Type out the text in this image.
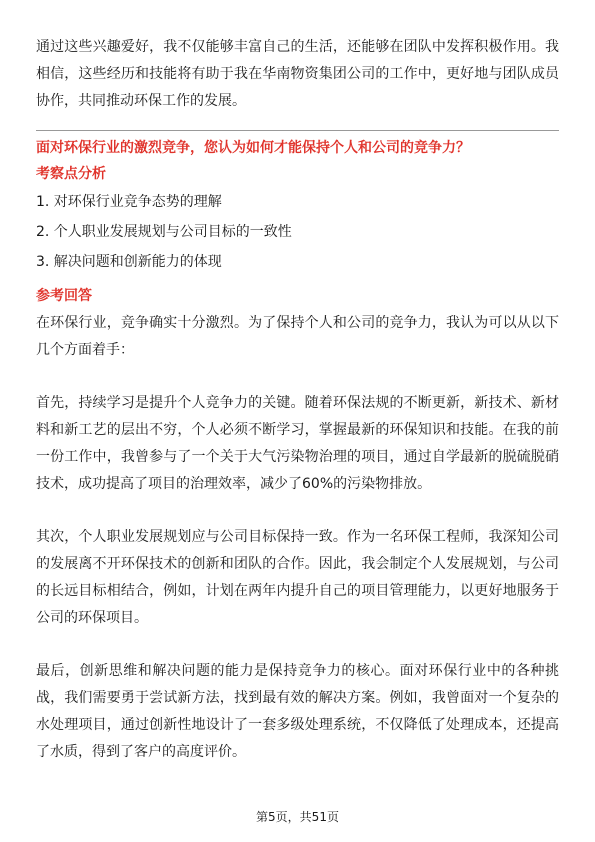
通过这些兴趣爱好，我不仅能够丰富自己的生活，还能够在团队中发挥积极作用。我相信，这些经历和技能将有助于我在华南物资集团公司的工作中，更好地与团队成员协作，共同推动环保工作的发展。

面对环保行业的激烈竞争，您认为如何才能保持个人和公司的竞争力？

考察点分析

1. 对环保行业竞争态势的理解
2. 个人职业发展规划与公司目标的一致性
3. 解决问题和创新能力的体现

参考回答

在环保行业，竞争确实十分激烈。为了保持个人和公司的竞争力，我认为可以从以下几个方面着手：

首先，持续学习是提升个人竞争力的关键。随着环保法规的不断更新，新技术、新材料和新工艺的层出不穷，个人必须不断学习，掌握最新的环保知识和技能。在我的前一份工作中，我曾参与了一个关于大气污染物治理的项目，通过自学最新的脱硫脱硝技术，成功提高了项目的治理效率，减少了60%的污染物排放。

其次，个人职业发展规划应与公司目标保持一致。作为一名环保工程师，我深知公司的发展离不开环保技术的创新和团队的合作。因此，我会制定个人发展规划，与公司的长远目标相结合，例如，计划在两年内提升自己的项目管理能力，以更好地服务于公司的环保项目。

最后，创新思维和解决问题的能力是保持竞争力的核心。面对环保行业中的各种挑战，我们需要勇于尝试新方法，找到最有效的解决方案。例如，我曾面对一个复杂的水处理项目，通过创新性地设计了一套多级处理系统，不仅降低了处理成本，还提高了水质，得到了客户的高度评价。

第5页，共51页
